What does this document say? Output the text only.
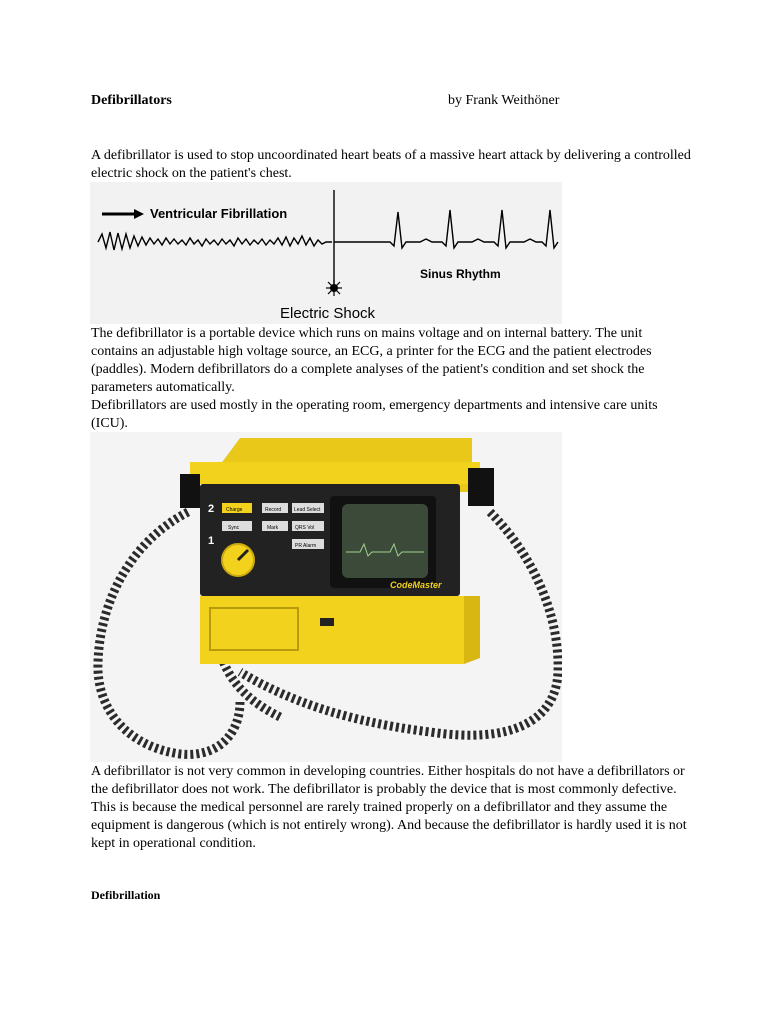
Defibrillators	by Frank Weithöner
A defibrillator is used to stop uncoordinated heart beats of a massive heart attack by delivering a controlled electric shock on the patient's chest.
Ventricular Fibrillation
Sinus Rhythm
Electric Shock
The defibrillator is a portable device which runs on mains voltage and on internal battery. The unit contains an adjustable high voltage source, an ECG, a printer for the ECG and the patient electrodes (paddles). Modern defibrillators do a complete analyses of the patient's condition and set shock the parameters automatically.
Defibrillators are used mostly in the operating room, emergency departments and intensive care units (ICU).
2 Charge
Sync
Record
Mark
Lead Select
QRS Vol
PR Alarm
1
CodeMaster
A defibrillator is not very common in developing countries. Either hospitals do not have a defibrillators or the defibrillator does not work. The defibrillator is probably the device that is most commonly defective. This is because the medical personnel are rarely trained properly on a defibrillator and they assume the equipment is dangerous (which is not entirely wrong). And because the defibrillator is hardly used it is not kept in operational condition.
Defibrillation
